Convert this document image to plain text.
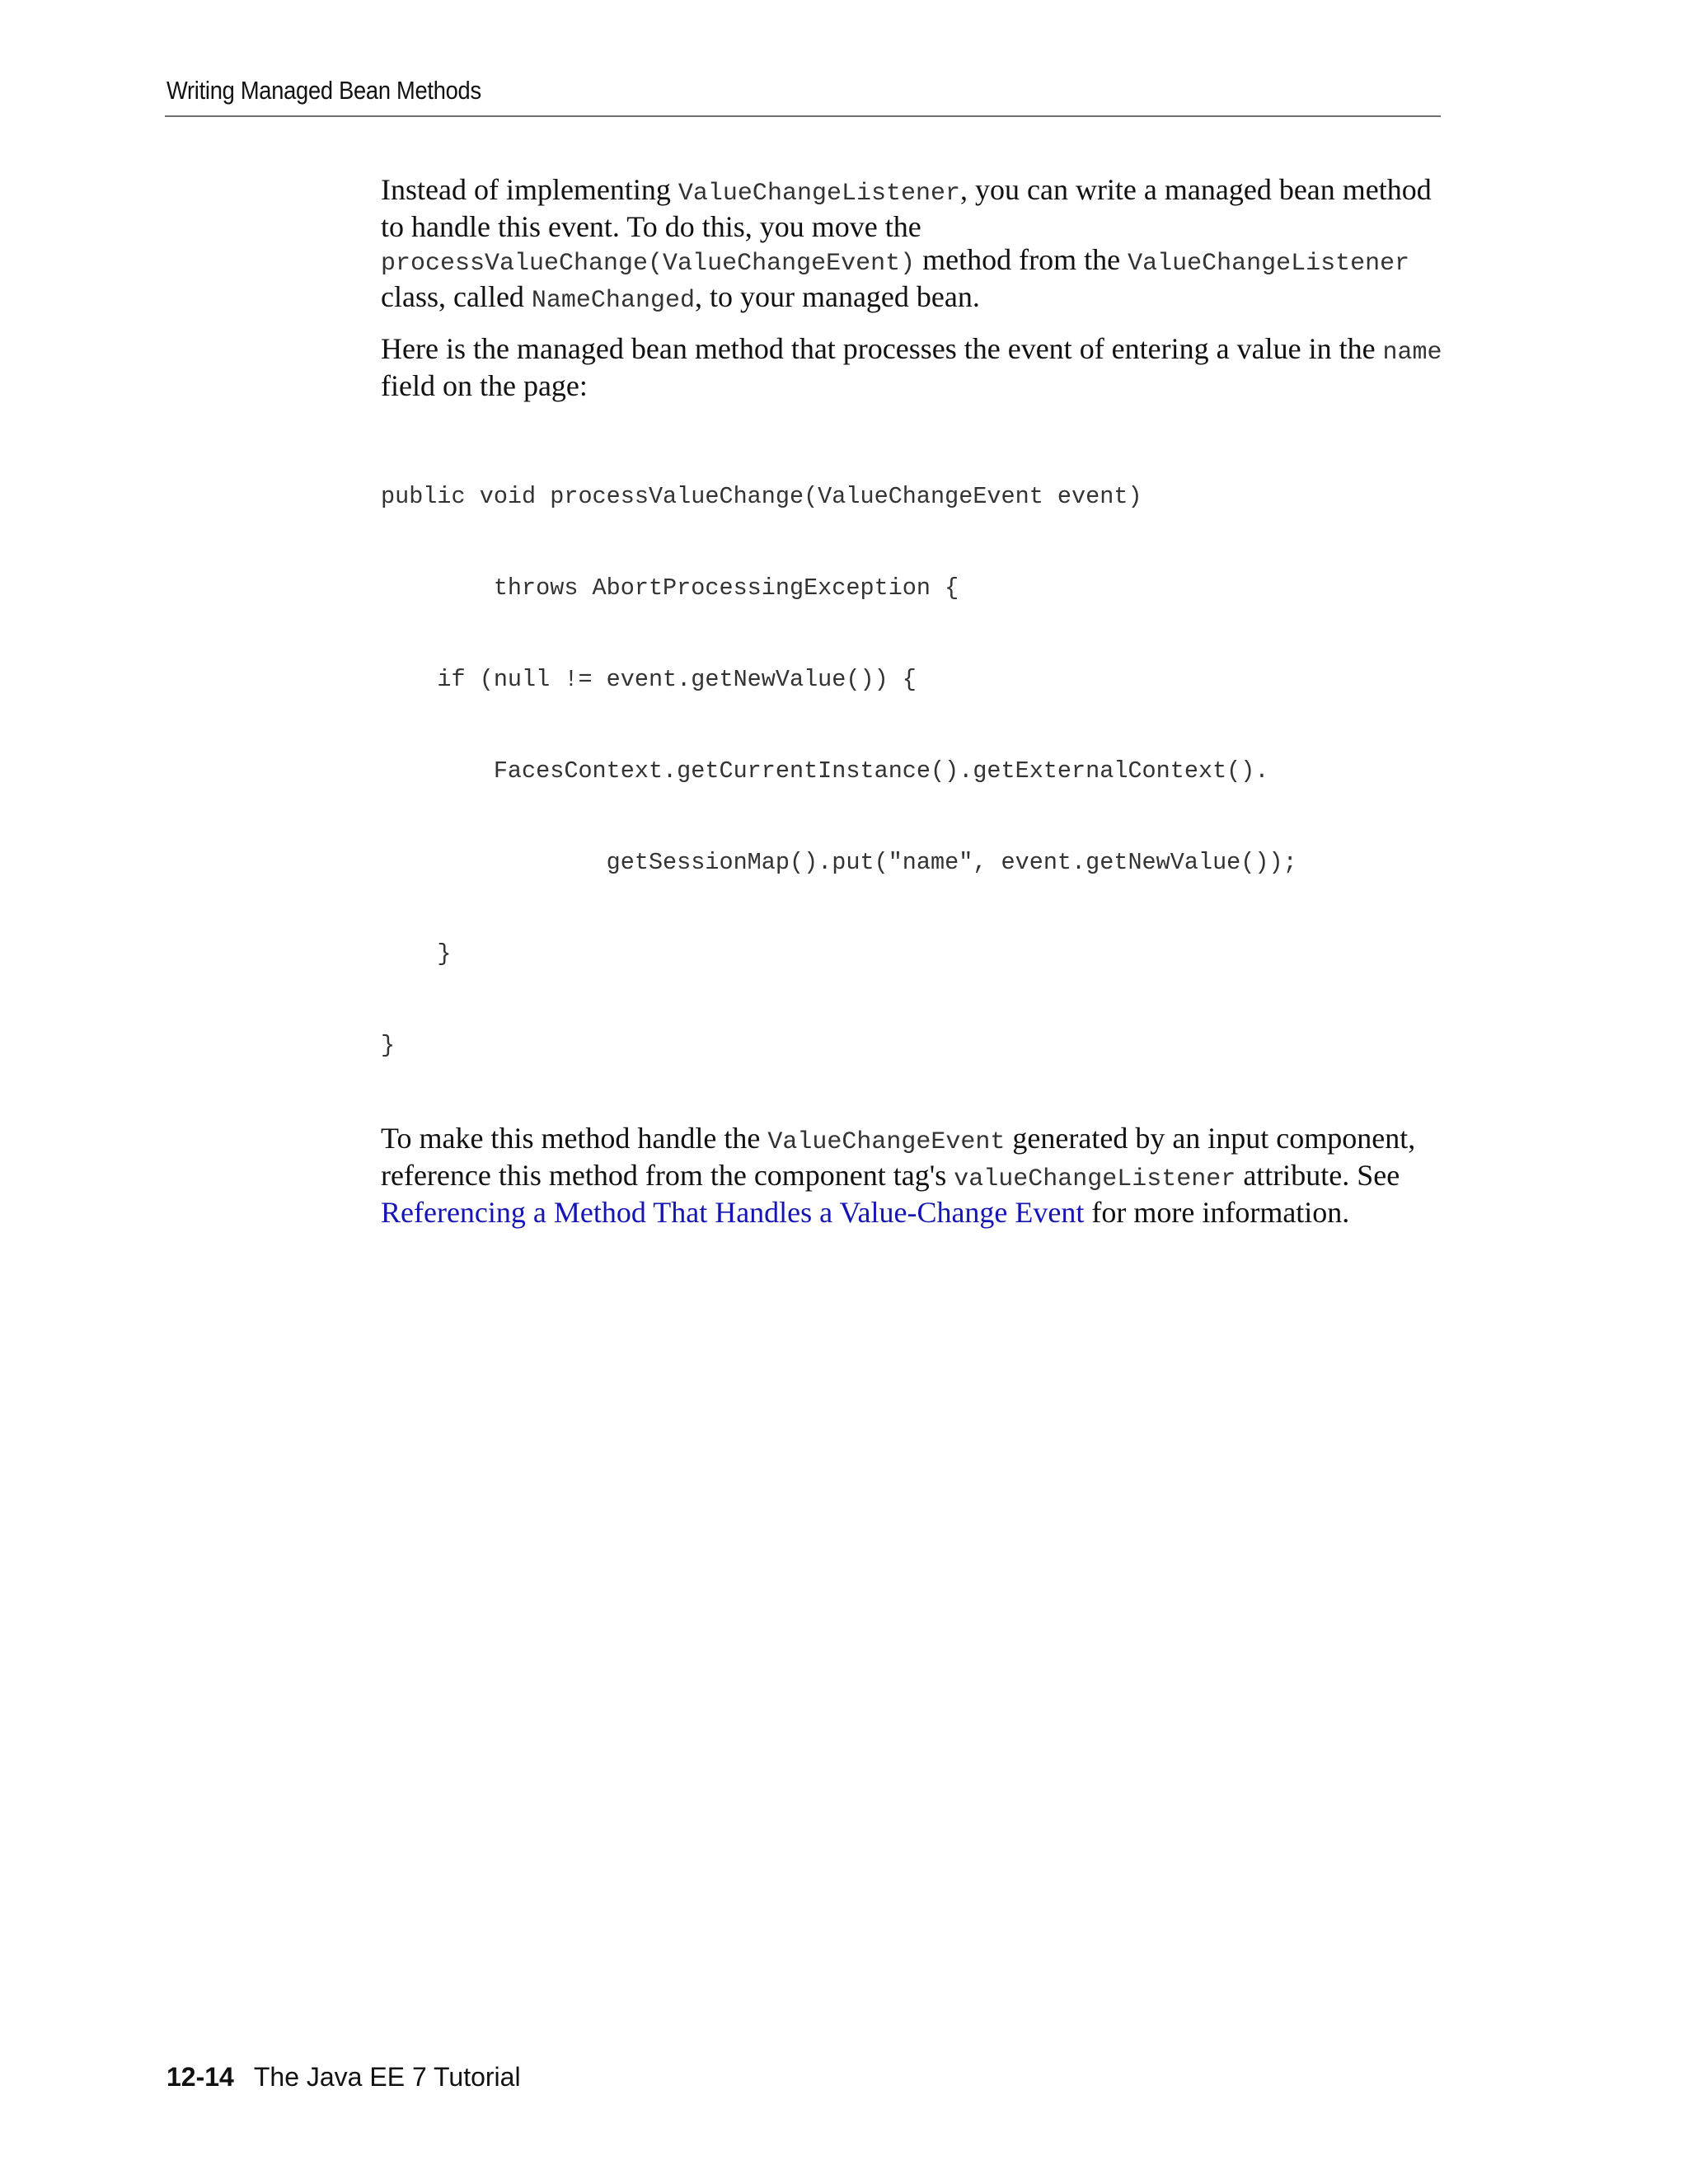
Writing Managed Bean Methods

Instead of implementing ValueChangeListener, you can write a managed bean method to handle this event. To do this, you move the processValueChange(ValueChangeEvent) method from the ValueChangeListener class, called NameChanged, to your managed bean.

Here is the managed bean method that processes the event of entering a value in the name field on the page:

public void processValueChange(ValueChangeEvent event)

throws AbortProcessingException {

if (null != event.getNewValue()) {

FacesContext.getCurrentInstance().getExternalContext().

getSessionMap().put("name", event.getNewValue());

}

}

To make this method handle the ValueChangeEvent generated by an input component, reference this method from the component tag's valueChangeListener attribute. See Referencing a Method That Handles a Value-Change Event for more information.

12-14 The Java EE 7 Tutorial
